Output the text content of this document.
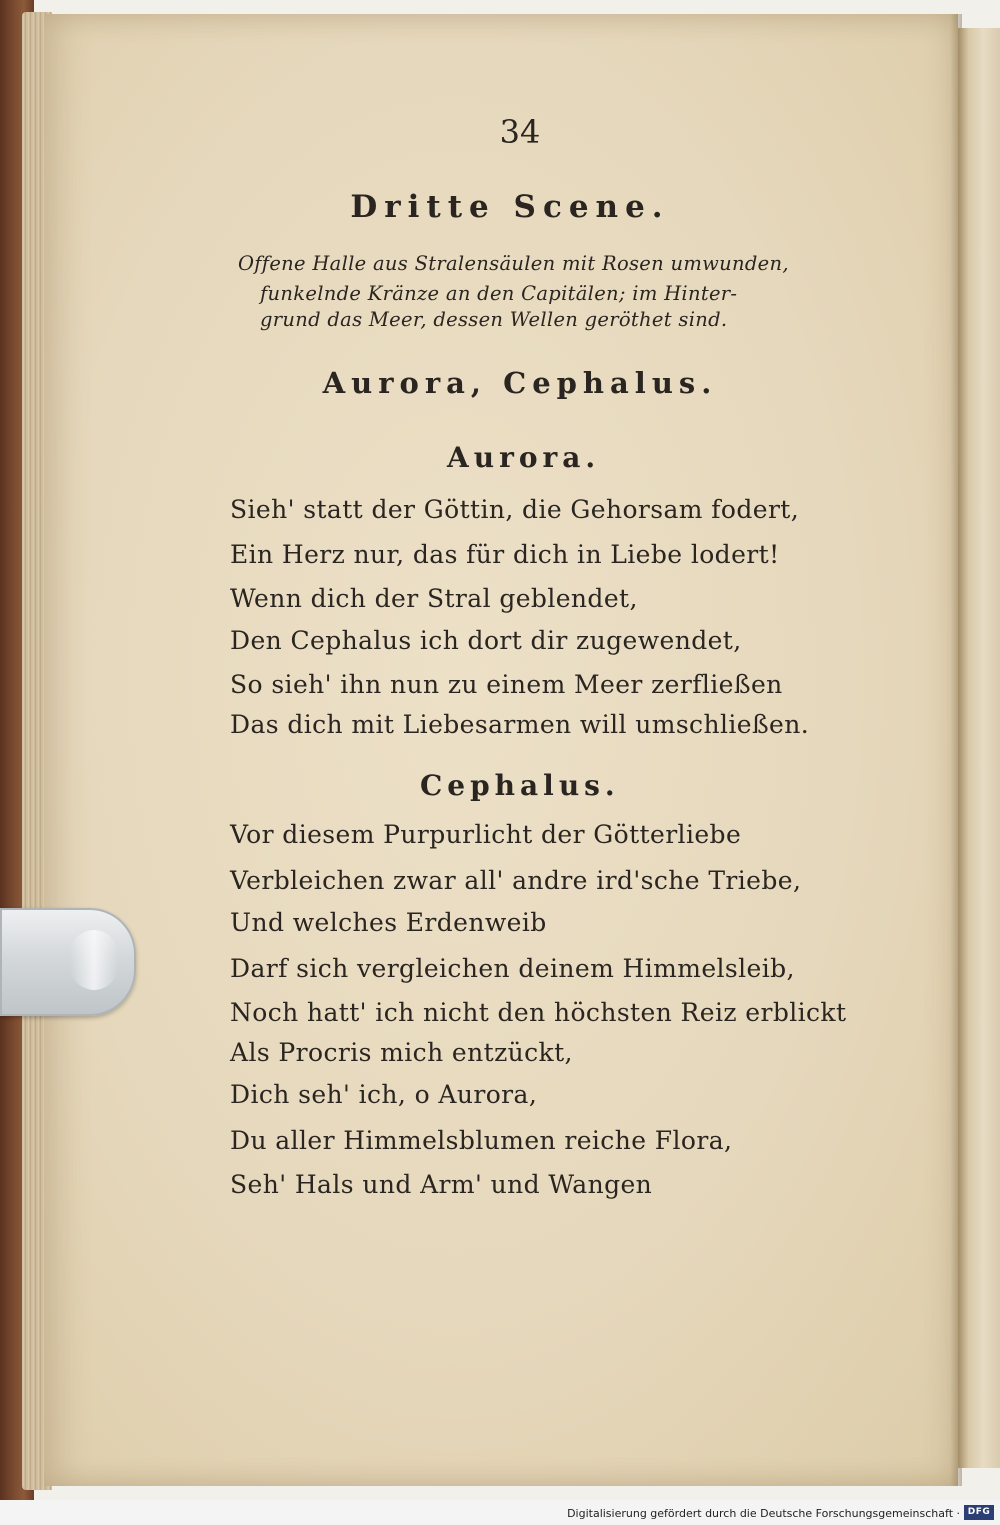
34

Dritte Scene.

Offene Halle aus Stralensäulen mit Rosen umwunden,

funkelnde Kränze an den Capitälen; im Hinter-

grund das Meer, dessen Wellen geröthet sind.

Aurora, Cephalus.

Aurora.

Sieh' statt der Göttin, die Gehorsam fodert,

Ein Herz nur, das für dich in Liebe lodert!

Wenn dich der Stral geblendet,

Den Cephalus ich dort dir zugewendet,

So sieh' ihn nun zu einem Meer zerfließen

Das dich mit Liebesarmen will umschließen.

Cephalus.

Vor diesem Purpurlicht der Götterliebe

Verbleichen zwar all' andre ird'sche Triebe,

Und welches Erdenweib

Darf sich vergleichen deinem Himmelsleib,

Noch hatt' ich nicht den höchsten Reiz erblickt

Als Procris mich entzückt,

Dich seh' ich, o Aurora,

Du aller Himmelsblumen reiche Flora,

Seh' Hals und Arm' und Wangen

Digitalisierung gefördert durch die Deutsche Forschungsgemeinschaft · DFG
